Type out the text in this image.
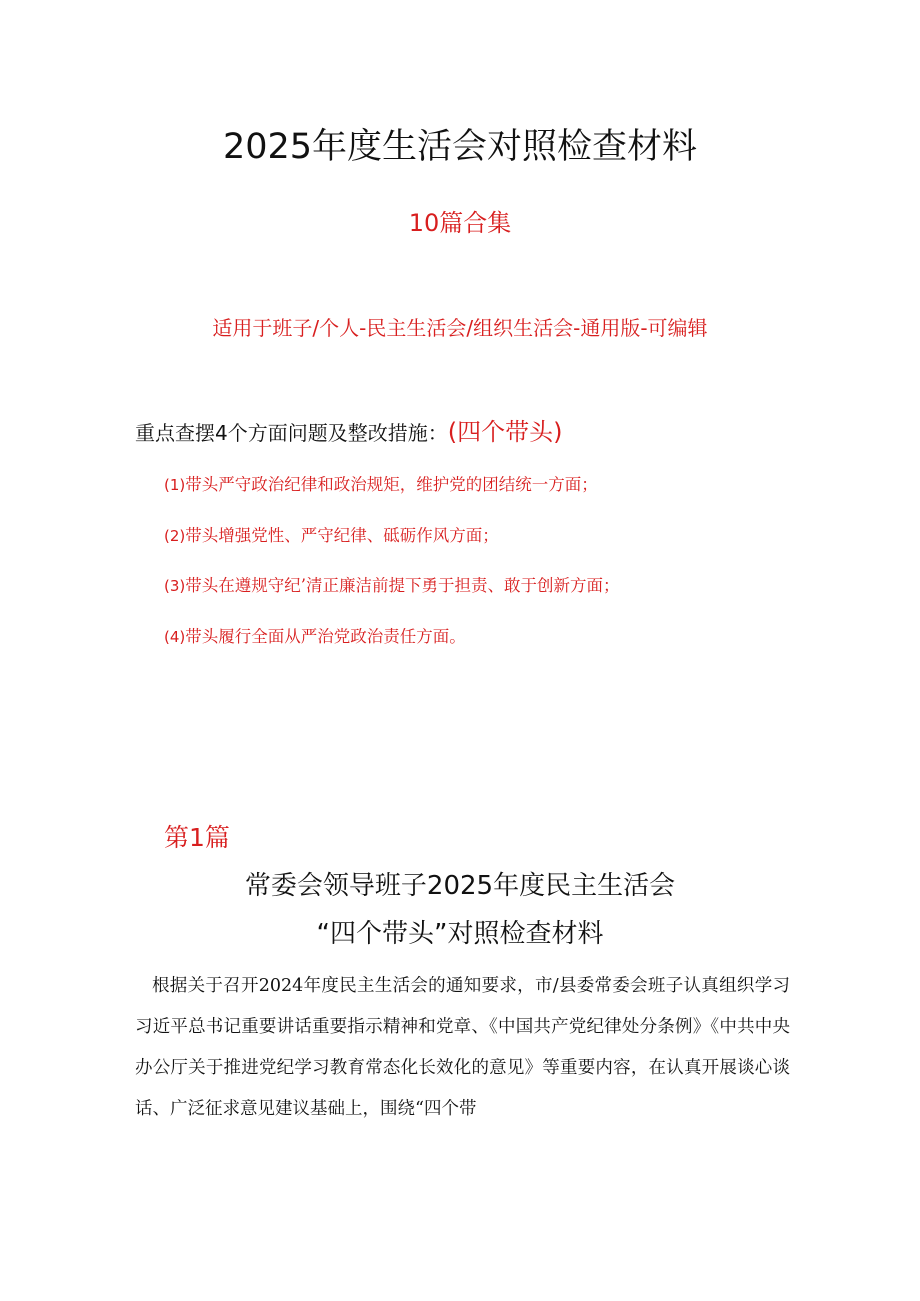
2025年度生活会对照检查材料
10篇合集
适用于班子/个人-民主生活会/组织生活会-通用版-可编辑
重点查摆4个方面问题及整改措施：(四个带头)
(1)带头严守政治纪律和政治规矩，维护党的团结统一方面；
(2)带头增强党性、严守纪律、砥砺作风方面；
(3)带头在遵规守纪’清正廉洁前提下勇于担责、敢于创新方面；
(4)带头履行全面从严治党政治责任方面。
第1篇
常委会领导班子2025年度民主生活会
“四个带头”对照检查材料

根据关于召开2024年度民主生活会的通知要求，市/县委常委会班子认真组织学习习近平总书记重要讲话重要指示精神和党章、《中国共产党纪律处分条例》《中共中央办公厅关于推进党纪学习教育常态化长效化的意见》等重要内容，在认真开展谈心谈话、广泛征求意见建议基础上，围绕“四个带
